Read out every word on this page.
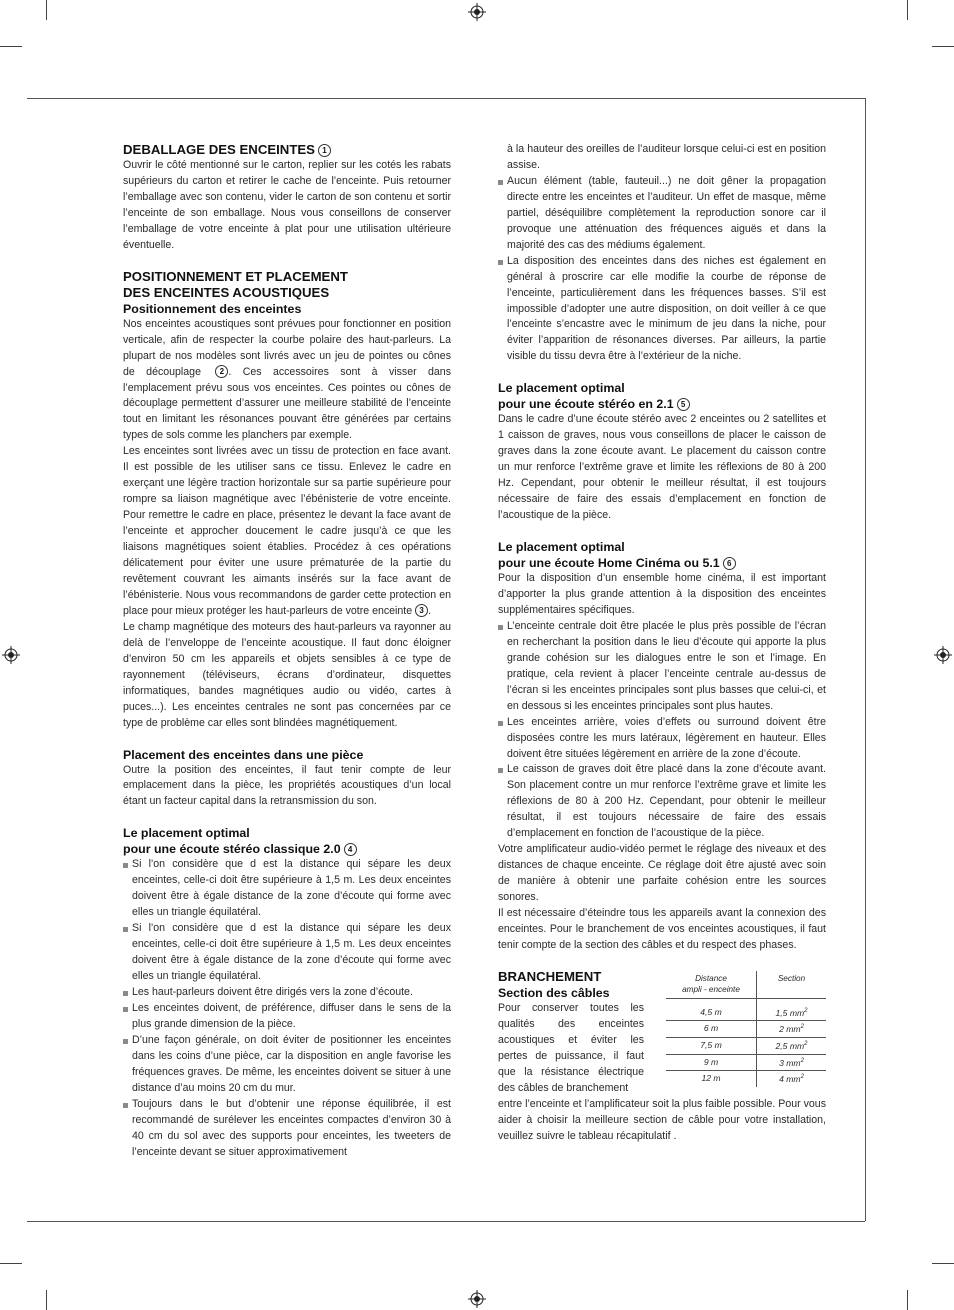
DEBALLAGE DES ENCEINTES 1

Ouvrir le côté mentionné sur le carton, replier sur les cotés les rabats supérieurs du carton et retirer le cache de l’enceinte. Puis retourner l’emballage avec son contenu, vider le carton de son contenu et sortir l’enceinte de son emballage. Nous vous conseillons de conserver l’emballage de votre enceinte à plat pour une utilisation ultérieure éventuelle.

POSITIONNEMENT ET PLACEMENT
DES ENCEINTES ACOUSTIQUES
Positionnement des enceintes

Nos enceintes acoustiques sont prévues pour fonctionner en position verticale, afin de respecter la courbe polaire des haut-parleurs. La plupart de nos modèles sont livrés avec un jeu de pointes ou cônes de découplage 2 . Ces accessoires sont à visser dans l’emplacement prévu sous vos enceintes. Ces pointes ou cônes de découplage permettent d’assurer une meilleure stabilité de l’enceinte tout en limitant les résonances pouvant être générées par certains types de sols comme les planchers par exemple.

Les enceintes sont livrées avec un tissu de protection en face avant. Il est possible de les utiliser sans ce tissu. Enlevez le cadre en exerçant une légère traction horizontale sur sa partie supérieure pour rompre sa liaison magnétique avec l’ébénisterie de votre enceinte. Pour remettre le cadre en place, présentez le devant la face avant de l’enceinte et approcher doucement le cadre jusqu’à ce que les liaisons magnétiques soient établies. Procédez à ces opérations délicatement pour éviter une usure prématurée de la partie du revêtement couvrant les aimants insérés sur la face avant de l’ébénisterie. Nous vous recommandons de garder cette protection en place pour mieux protéger les haut-parleurs de votre enceinte 3 .

Le champ magnétique des moteurs des haut-parleurs va rayonner au delà de l’enveloppe de l’enceinte acoustique. Il faut donc éloigner d’environ 50 cm les appareils et objets sensibles à ce type de rayonnement (téléviseurs, écrans d’ordinateur, disquettes informatiques, bandes magnétiques audio ou vidéo, cartes à puces...). Les enceintes centrales ne sont pas concernées par ce type de problème car elles sont blindées magnétiquement.

Placement des enceintes dans une pièce

Outre la position des enceintes, il faut tenir compte de leur emplacement dans la pièce, les propriétés acoustiques d’un local étant un facteur capital dans la retransmission du son.

Le placement optimal
pour une écoute stéréo classique 2.0 4
Si l’on considère que d est la distance qui sépare les deux enceintes, celle-ci doit être supérieure à 1,5 m. Les deux enceintes doivent être à égale distance de la zone d’écoute qui forme avec elles un triangle équilatéral.
Si l’on considère que d est la distance qui sépare les deux enceintes, celle-ci doit être supérieure à 1,5 m. Les deux enceintes doivent être à égale distance de la zone d’écoute qui forme avec elles un triangle équilatéral.
Les haut-parleurs doivent être dirigés vers la zone d’écoute.
Les enceintes doivent, de préférence, diffuser dans le sens de la plus grande dimension de la pièce.
D’une façon générale, on doit éviter de positionner les enceintes dans les coins d’une pièce, car la disposition en angle favorise les fréquences graves. De même, les enceintes doivent se situer à une distance d’au moins 20 cm du mur.
Toujours dans le but d’obtenir une réponse équilibrée, il est recommandé de surélever les enceintes compactes d’environ 30 à 40 cm du sol avec des supports pour enceintes, les tweeters de l’enceinte devant se situer approximativement

à la hauteur des oreilles de l’auditeur lorsque celui-ci est en position assise.

Aucun élément (table, fauteuil...) ne doit gêner la propagation directe entre les enceintes et l’auditeur. Un effet de masque, même partiel, déséquilibre complètement la reproduction sonore car il provoque une atténuation des fréquences aiguës et dans la majorité des cas des médiums également.
La disposition des enceintes dans des niches est également en général à proscrire car elle modifie la courbe de réponse de l’enceinte, particulièrement dans les fréquences basses. S’il est impossible d’adopter une autre disposition, on doit veiller à ce que l’enceinte s’encastre avec le minimum de jeu dans la niche, pour éviter l’apparition de résonances diverses. Par ailleurs, la partie visible du tissu devra être à l’extérieur de la niche.
Le placement optimal
pour une écoute stéréo en 2.1 5

Dans le cadre d’une écoute stéréo avec 2 enceintes ou 2 satellites et 1 caisson de graves, nous vous conseillons de placer le caisson de graves dans la zone écoute avant. Le placement du caisson contre un mur renforce l’extrême grave et limite les réflexions de 80 à 200 Hz. Cependant, pour obtenir le meilleur résultat, il est toujours nécessaire de faire des essais d’emplacement en fonction de l’acoustique de la pièce.

Le placement optimal
pour une écoute Home Cinéma ou 5.1 6

Pour la disposition d’un ensemble home cinéma, il est important d’apporter la plus grande attention à la disposition des enceintes supplémentaires spécifiques.

L’enceinte centrale doit être placée le plus près possible de l’écran en recherchant la position dans le lieu d’écoute qui apporte la plus grande cohésion sur les dialogues entre le son et l’image. En pratique, cela revient à placer l’enceinte centrale au-dessus de l’écran si les enceintes principales sont plus basses que celui-ci, et en dessous si les enceintes principales sont plus hautes.
Les enceintes arrière, voies d’effets ou surround doivent être disposées contre les murs latéraux, légèrement en hauteur. Elles doivent être situées légèrement en arrière de la zone d’écoute.
Le caisson de graves doit être placé dans la zone d’écoute avant. Son placement contre un mur renforce l’extrême grave et limite les réflexions de 80 à 200 Hz. Cependant, pour obtenir le meilleur résultat, il est toujours nécessaire de faire des essais d’emplacement en fonction de l’acoustique de la pièce.

Votre amplificateur audio-vidéo permet le réglage des niveaux et des distances de chaque enceinte. Ce réglage doit être ajusté avec soin de manière à obtenir une parfaite cohésion entre les sources sonores.

Il est nécessaire d’éteindre tous les appareils avant la connexion des enceintes. Pour le branchement de vos enceintes acoustiques, il faut tenir compte de la section des câbles et du respect des phases.

BRANCHEMENT
Section des câbles

Pour conserver toutes les qualités des enceintes acoustiques et éviter les pertes de puissance, il faut que la résistance électrique des câbles de branchement

Distance
ampli - enceinte	Section

4,5 m	1,5 $mm^2$
6 m	2 $mm^2$
7,5 m	2,5 $mm^2$
9 m	3 $mm^2$
12 m	4 $mm^2$

entre l’enceinte et l’amplificateur soit la plus faible possible. Pour vous aider à choisir la meilleure section de câble pour votre installation, veuillez suivre le tableau récapitulatif .
